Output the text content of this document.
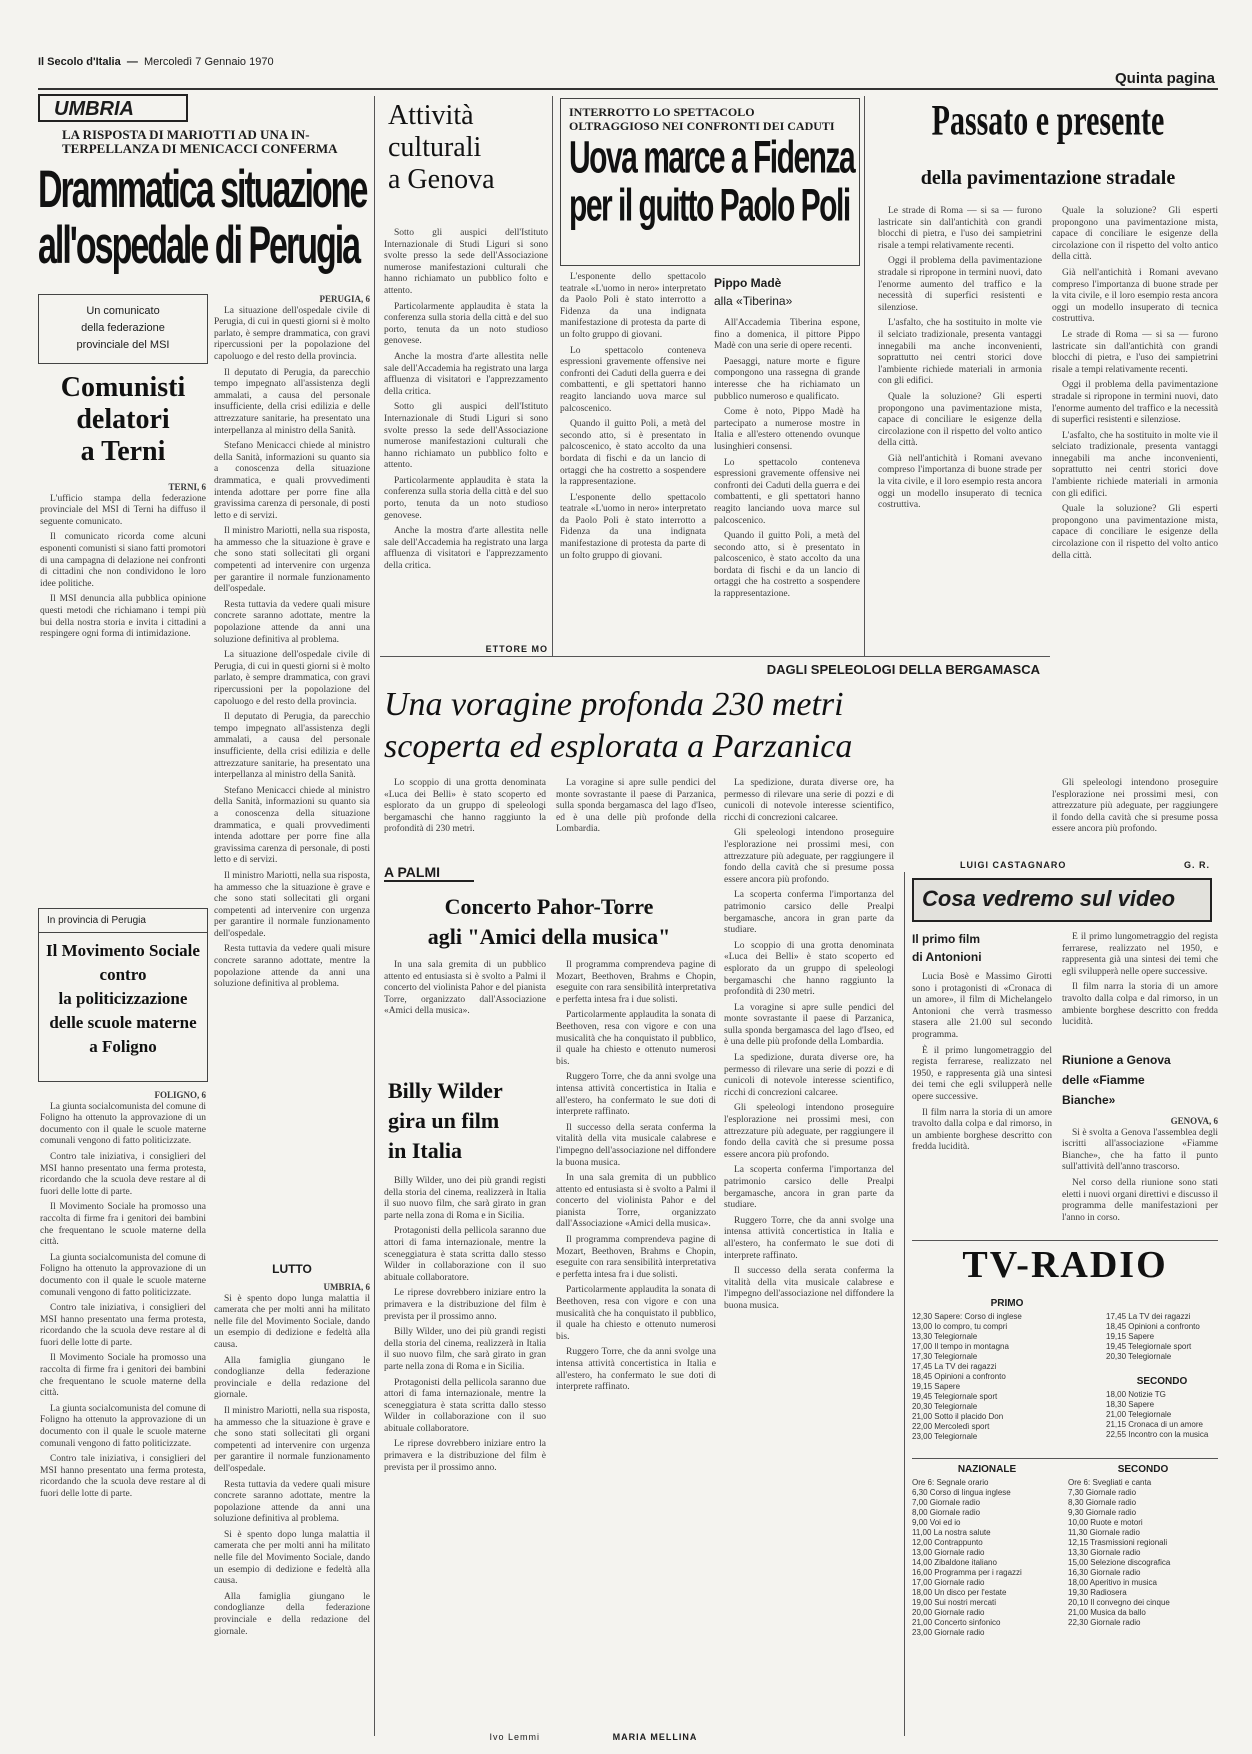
Il Secolo d'Italia  —  Mercoledì 7 Gennaio 1970
Quinta pagina
UMBRIA
LA RISPOSTA DI MARIOTTI AD UNA IN-
TERPELLANZA DI MENICACCI CONFERMA
Drammatica situazione
all'ospedale di Perugia
Un comunicato
della federazione
provinciale del MSI
Comunisti
delatori
a Terni
TERNI, 6

L'ufficio stampa della federazione provinciale del MSI di Terni ha diffuso il seguente comunicato.

Il comunicato ricorda come alcuni esponenti comunisti si siano fatti promotori di una campagna di delazione nei confronti di cittadini che non condividono le loro idee politiche.

Il MSI denuncia alla pubblica opinione questi metodi che richiamano i tempi più bui della nostra storia e invita i cittadini a respingere ogni forma di intimidazione.

PERUGIA, 6

La situazione dell'ospedale civile di Perugia, di cui in questi giorni si è molto parlato, è sempre drammatica, con gravi ripercussioni per la popolazione del capoluogo e del resto della provincia.

Il deputato di Perugia, da parecchio tempo impegnato all'assistenza degli ammalati, a causa del personale insufficiente, della crisi edilizia e delle attrezzature sanitarie, ha presentato una interpellanza al ministro della Sanità.

Stefano Menicacci chiede al ministro della Sanità, informazioni su quanto sia a conoscenza della situazione drammatica, e quali provvedimenti intenda adottare per porre fine alla gravissima carenza di personale, di posti letto e di servizi.

Il ministro Mariotti, nella sua risposta, ha ammesso che la situazione è grave e che sono stati sollecitati gli organi competenti ad intervenire con urgenza per garantire il normale funzionamento dell'ospedale.

Resta tuttavia da vedere quali misure concrete saranno adottate, mentre la popolazione attende da anni una soluzione definitiva al problema.

La situazione dell'ospedale civile di Perugia, di cui in questi giorni si è molto parlato, è sempre drammatica, con gravi ripercussioni per la popolazione del capoluogo e del resto della provincia.

Il deputato di Perugia, da parecchio tempo impegnato all'assistenza degli ammalati, a causa del personale insufficiente, della crisi edilizia e delle attrezzature sanitarie, ha presentato una interpellanza al ministro della Sanità.

Stefano Menicacci chiede al ministro della Sanità, informazioni su quanto sia a conoscenza della situazione drammatica, e quali provvedimenti intenda adottare per porre fine alla gravissima carenza di personale, di posti letto e di servizi.

Il ministro Mariotti, nella sua risposta, ha ammesso che la situazione è grave e che sono stati sollecitati gli organi competenti ad intervenire con urgenza per garantire il normale funzionamento dell'ospedale.

Resta tuttavia da vedere quali misure concrete saranno adottate, mentre la popolazione attende da anni una soluzione definitiva al problema.

In provincia di Perugia
Il Movimento Sociale
contro
la politicizzazione
delle scuole materne
a Foligno
FOLIGNO, 6

La giunta socialcomunista del comune di Foligno ha ottenuto la approvazione di un documento con il quale le scuole materne comunali vengono di fatto politicizzate.

Contro tale iniziativa, i consiglieri del MSI hanno presentato una ferma protesta, ricordando che la scuola deve restare al di fuori delle lotte di parte.

Il Movimento Sociale ha promosso una raccolta di firme fra i genitori dei bambini che frequentano le scuole materne della città.

La giunta socialcomunista del comune di Foligno ha ottenuto la approvazione di un documento con il quale le scuole materne comunali vengono di fatto politicizzate.

Contro tale iniziativa, i consiglieri del MSI hanno presentato una ferma protesta, ricordando che la scuola deve restare al di fuori delle lotte di parte.

Il Movimento Sociale ha promosso una raccolta di firme fra i genitori dei bambini che frequentano le scuole materne della città.

La giunta socialcomunista del comune di Foligno ha ottenuto la approvazione di un documento con il quale le scuole materne comunali vengono di fatto politicizzate.

Contro tale iniziativa, i consiglieri del MSI hanno presentato una ferma protesta, ricordando che la scuola deve restare al di fuori delle lotte di parte.

LUTTO
UMBRIA, 6

Si è spento dopo lunga malattia il camerata che per molti anni ha militato nelle file del Movimento Sociale, dando un esempio di dedizione e fedeltà alla causa.

Alla famiglia giungano le condoglianze della federazione provinciale e della redazione del giornale.

Il ministro Mariotti, nella sua risposta, ha ammesso che la situazione è grave e che sono stati sollecitati gli organi competenti ad intervenire con urgenza per garantire il normale funzionamento dell'ospedale.

Resta tuttavia da vedere quali misure concrete saranno adottate, mentre la popolazione attende da anni una soluzione definitiva al problema.

Si è spento dopo lunga malattia il camerata che per molti anni ha militato nelle file del Movimento Sociale, dando un esempio di dedizione e fedeltà alla causa.

Alla famiglia giungano le condoglianze della federazione provinciale e della redazione del giornale.

Attività
culturali
a Genova

Sotto gli auspici dell'Istituto Internazionale di Studi Liguri si sono svolte presso la sede dell'Associazione numerose manifestazioni culturali che hanno richiamato un pubblico folto e attento.

Particolarmente applaudita è stata la conferenza sulla storia della città e del suo porto, tenuta da un noto studioso genovese.

Anche la mostra d'arte allestita nelle sale dell'Accademia ha registrato una larga affluenza di visitatori e l'apprezzamento della critica.

Sotto gli auspici dell'Istituto Internazionale di Studi Liguri si sono svolte presso la sede dell'Associazione numerose manifestazioni culturali che hanno richiamato un pubblico folto e attento.

Particolarmente applaudita è stata la conferenza sulla storia della città e del suo porto, tenuta da un noto studioso genovese.

Anche la mostra d'arte allestita nelle sale dell'Accademia ha registrato una larga affluenza di visitatori e l'apprezzamento della critica.

ETTORE MO
INTERROTTO LO SPETTACOLO
OLTRAGGIOSO NEI CONFRONTI DEI CADUTI
Uova marce a Fidenza
per il guitto Paolo Poli

L'esponente dello spettacolo teatrale «L'uomo in nero» interpretato da Paolo Poli è stato interrotto a Fidenza da una indignata manifestazione di protesta da parte di un folto gruppo di giovani.

Lo spettacolo conteneva espressioni gravemente offensive nei confronti dei Caduti della guerra e dei combattenti, e gli spettatori hanno reagito lanciando uova marce sul palcoscenico.

Quando il guitto Poli, a metà del secondo atto, si è presentato in palcoscenico, è stato accolto da una bordata di fischi e da un lancio di ortaggi che ha costretto a sospendere la rappresentazione.

L'esponente dello spettacolo teatrale «L'uomo in nero» interpretato da Paolo Poli è stato interrotto a Fidenza da una indignata manifestazione di protesta da parte di un folto gruppo di giovani.

Pippo Madè
alla «Tiberina»

All'Accademia Tiberina espone, fino a domenica, il pittore Pippo Madè con una serie di opere recenti.

Paesaggi, nature morte e figure compongono una rassegna di grande interesse che ha richiamato un pubblico numeroso e qualificato.

Come è noto, Pippo Madè ha partecipato a numerose mostre in Italia e all'estero ottenendo ovunque lusinghieri consensi.

Lo spettacolo conteneva espressioni gravemente offensive nei confronti dei Caduti della guerra e dei combattenti, e gli spettatori hanno reagito lanciando uova marce sul palcoscenico.

Quando il guitto Poli, a metà del secondo atto, si è presentato in palcoscenico, è stato accolto da una bordata di fischi e da un lancio di ortaggi che ha costretto a sospendere la rappresentazione.

Passato e presente
della pavimentazione stradale

Le strade di Roma — si sa — furono lastricate sin dall'antichità con grandi blocchi di pietra, e l'uso dei sampietrini risale a tempi relativamente recenti.

Oggi il problema della pavimentazione stradale si ripropone in termini nuovi, dato l'enorme aumento del traffico e la necessità di superfici resistenti e silenziose.

L'asfalto, che ha sostituito in molte vie il selciato tradizionale, presenta vantaggi innegabili ma anche inconvenienti, soprattutto nei centri storici dove l'ambiente richiede materiali in armonia con gli edifici.

Quale la soluzione? Gli esperti propongono una pavimentazione mista, capace di conciliare le esigenze della circolazione con il rispetto del volto antico della città.

Già nell'antichità i Romani avevano compreso l'importanza di buone strade per la vita civile, e il loro esempio resta ancora oggi un modello insuperato di tecnica costruttiva.

Quale la soluzione? Gli esperti propongono una pavimentazione mista, capace di conciliare le esigenze della circolazione con il rispetto del volto antico della città.

Già nell'antichità i Romani avevano compreso l'importanza di buone strade per la vita civile, e il loro esempio resta ancora oggi un modello insuperato di tecnica costruttiva.

Le strade di Roma — si sa — furono lastricate sin dall'antichità con grandi blocchi di pietra, e l'uso dei sampietrini risale a tempi relativamente recenti.

Oggi il problema della pavimentazione stradale si ripropone in termini nuovi, dato l'enorme aumento del traffico e la necessità di superfici resistenti e silenziose.

L'asfalto, che ha sostituito in molte vie il selciato tradizionale, presenta vantaggi innegabili ma anche inconvenienti, soprattutto nei centri storici dove l'ambiente richiede materiali in armonia con gli edifici.

Quale la soluzione? Gli esperti propongono una pavimentazione mista, capace di conciliare le esigenze della circolazione con il rispetto del volto antico della città.

DAGLI SPELEOLOGI DELLA BERGAMASCA
Una voragine profonda 230 metri
scoperta ed esplorata a Parzanica

Lo scoppio di una grotta denominata «Luca dei Belli» è stato scoperto ed esplorato da un gruppo di speleologi bergamaschi che hanno raggiunto la profondità di 230 metri.

La voragine si apre sulle pendici del monte sovrastante il paese di Parzanica, sulla sponda bergamasca del lago d'Iseo, ed è una delle più profonde della Lombardia.

La spedizione, durata diverse ore, ha permesso di rilevare una serie di pozzi e di cunicoli di notevole interesse scientifico, ricchi di concrezioni calcaree.

Gli speleologi intendono proseguire l'esplorazione nei prossimi mesi, con attrezzature più adeguate, per raggiungere il fondo della cavità che si presume possa essere ancora più profondo.

La scoperta conferma l'importanza del patrimonio carsico delle Prealpi bergamasche, ancora in gran parte da studiare.

Lo scoppio di una grotta denominata «Luca dei Belli» è stato scoperto ed esplorato da un gruppo di speleologi bergamaschi che hanno raggiunto la profondità di 230 metri.

La voragine si apre sulle pendici del monte sovrastante il paese di Parzanica, sulla sponda bergamasca del lago d'Iseo, ed è una delle più profonde della Lombardia.

La spedizione, durata diverse ore, ha permesso di rilevare una serie di pozzi e di cunicoli di notevole interesse scientifico, ricchi di concrezioni calcaree.

Gli speleologi intendono proseguire l'esplorazione nei prossimi mesi, con attrezzature più adeguate, per raggiungere il fondo della cavità che si presume possa essere ancora più profondo.

La scoperta conferma l'importanza del patrimonio carsico delle Prealpi bergamasche, ancora in gran parte da studiare.

Ruggero Torre, che da anni svolge una intensa attività concertistica in Italia e all'estero, ha confermato le sue doti di interprete raffinato.

Il successo della serata conferma la vitalità della vita musicale calabrese e l'impegno dell'associazione nel diffondere la buona musica.

Gli speleologi intendono proseguire l'esplorazione nei prossimi mesi, con attrezzature più adeguate, per raggiungere il fondo della cavità che si presume possa essere ancora più profondo.

LUIGI CASTAGNARO	G. R.
A PALMI
Concerto Pahor-Torre
agli "Amici della musica"

In una sala gremita di un pubblico attento ed entusiasta si è svolto a Palmi il concerto del violinista Pahor e del pianista Torre, organizzato dall'Associazione «Amici della musica».

Il programma comprendeva pagine di Mozart, Beethoven, Brahms e Chopin, eseguite con rara sensibilità interpretativa e perfetta intesa fra i due solisti.

Particolarmente applaudita la sonata di Beethoven, resa con vigore e con una musicalità che ha conquistato il pubblico, il quale ha chiesto e ottenuto numerosi bis.

Ruggero Torre, che da anni svolge una intensa attività concertistica in Italia e all'estero, ha confermato le sue doti di interprete raffinato.

Il successo della serata conferma la vitalità della vita musicale calabrese e l'impegno dell'associazione nel diffondere la buona musica.

In una sala gremita di un pubblico attento ed entusiasta si è svolto a Palmi il concerto del violinista Pahor e del pianista Torre, organizzato dall'Associazione «Amici della musica».

Il programma comprendeva pagine di Mozart, Beethoven, Brahms e Chopin, eseguite con rara sensibilità interpretativa e perfetta intesa fra i due solisti.

Particolarmente applaudita la sonata di Beethoven, resa con vigore e con una musicalità che ha conquistato il pubblico, il quale ha chiesto e ottenuto numerosi bis.

Ruggero Torre, che da anni svolge una intensa attività concertistica in Italia e all'estero, ha confermato le sue doti di interprete raffinato.

MARIA MELLINA
Billy Wilder
gira un film
in Italia

Billy Wilder, uno dei più grandi registi della storia del cinema, realizzerà in Italia il suo nuovo film, che sarà girato in gran parte nella zona di Roma e in Sicilia.

Protagonisti della pellicola saranno due attori di fama internazionale, mentre la sceneggiatura è stata scritta dallo stesso Wilder in collaborazione con il suo abituale collaboratore.

Le riprese dovrebbero iniziare entro la primavera e la distribuzione del film è prevista per il prossimo anno.

Billy Wilder, uno dei più grandi registi della storia del cinema, realizzerà in Italia il suo nuovo film, che sarà girato in gran parte nella zona di Roma e in Sicilia.

Protagonisti della pellicola saranno due attori di fama internazionale, mentre la sceneggiatura è stata scritta dallo stesso Wilder in collaborazione con il suo abituale collaboratore.

Le riprese dovrebbero iniziare entro la primavera e la distribuzione del film è prevista per il prossimo anno.

Ivo Lemmi
Cosa vedremo sul video
Il primo film
di Antonioni

Lucia Bosè e Massimo Girotti sono i protagonisti di «Cronaca di un amore», il film di Michelangelo Antonioni che verrà trasmesso stasera alle 21.00 sul secondo programma.

È il primo lungometraggio del regista ferrarese, realizzato nel 1950, e rappresenta già una sintesi dei temi che egli svilupperà nelle opere successive.

Il film narra la storia di un amore travolto dalla colpa e dal rimorso, in un ambiente borghese descritto con fredda lucidità.

È il primo lungometraggio del regista ferrarese, realizzato nel 1950, e rappresenta già una sintesi dei temi che egli svilupperà nelle opere successive.

Il film narra la storia di un amore travolto dalla colpa e dal rimorso, in un ambiente borghese descritto con fredda lucidità.

Riunione a Genova
delle «Fiamme
Bianche»
GENOVA, 6

Si è svolta a Genova l'assemblea degli iscritti all'associazione «Fiamme Bianche», che ha fatto il punto sull'attività dell'anno trascorso.

Nel corso della riunione sono stati eletti i nuovi organi direttivi e discusso il programma delle manifestazioni per l'anno in corso.

TV-RADIO
PRIMO
12,30 Sapere: Corso di inglese
13,00 Io compro, tu compri
13,30 Telegiornale
17,00 Il tempo in montagna
17,30 Telegiornale
17,45 La TV dei ragazzi
18,45 Opinioni a confronto
19,15 Sapere
19,45 Telegiornale sport
20,30 Telegiornale
21,00 Sotto il placido Don
22,00 Mercoledì sport
23,00 Telegiornale
17,45 La TV dei ragazzi
18,45 Opinioni a confronto
19,15 Sapere
19,45 Telegiornale sport
20,30 Telegiornale
SECONDO
18,00 Notizie TG
18,30 Sapere
21,00 Telegiornale
21,15 Cronaca di un amore
22,55 Incontro con la musica
NAZIONALE
Ore 6: Segnale orario
6,30 Corso di lingua inglese
7,00 Giornale radio
8,00 Giornale radio
9,00 Voi ed io
11,00 La nostra salute
12,00 Contrappunto
13,00 Giornale radio
14,00 Zibaldone italiano
16,00 Programma per i ragazzi
17,00 Giornale radio
18,00 Un disco per l'estate
19,00 Sui nostri mercati
20,00 Giornale radio
21,00 Concerto sinfonico
23,00 Giornale radio
SECONDO
Ore 6: Svegliati e canta
7,30 Giornale radio
8,30 Giornale radio
9,30 Giornale radio
10,00 Ruote e motori
11,30 Giornale radio
12,15 Trasmissioni regionali
13,30 Giornale radio
15,00 Selezione discografica
16,30 Giornale radio
18,00 Aperitivo in musica
19,30 Radiosera
20,10 Il convegno dei cinque
21,00 Musica da ballo
22,30 Giornale radio
